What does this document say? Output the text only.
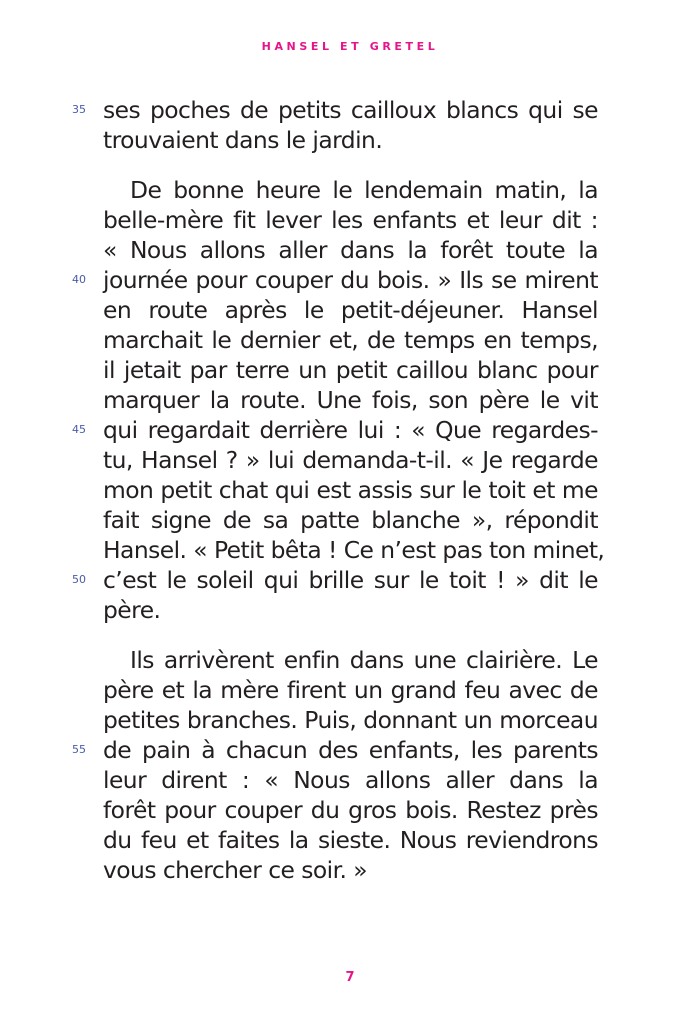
HANSEL ET GRETEL
35
40
45
50
55
ses poches de petits cailloux blancs qui se
trouvaient dans le jardin.
De bonne heure le lendemain matin, la
belle-mère fit lever les enfants et leur dit :
« Nous allons aller dans la forêt toute la
journée pour couper du bois. » Ils se mirent
en route après le petit-déjeuner. Hansel
marchait le dernier et, de temps en temps,
il jetait par terre un petit caillou blanc pour
marquer la route. Une fois, son père le vit
qui regardait derrière lui : « Que regardes-
tu, Hansel ? » lui demanda-t-il. « Je regarde
mon petit chat qui est assis sur le toit et me
fait signe de sa patte blanche », répondit
Hansel. « Petit bêta ! Ce n’est pas ton minet,
c’est le soleil qui brille sur le toit ! » dit le
père.
Ils arrivèrent enfin dans une clairière. Le
père et la mère firent un grand feu avec de
petites branches. Puis, donnant un morceau
de pain à chacun des enfants, les parents
leur dirent : « Nous allons aller dans la
forêt pour couper du gros bois. Restez près
du feu et faites la sieste. Nous reviendrons
vous chercher ce soir. »
7
